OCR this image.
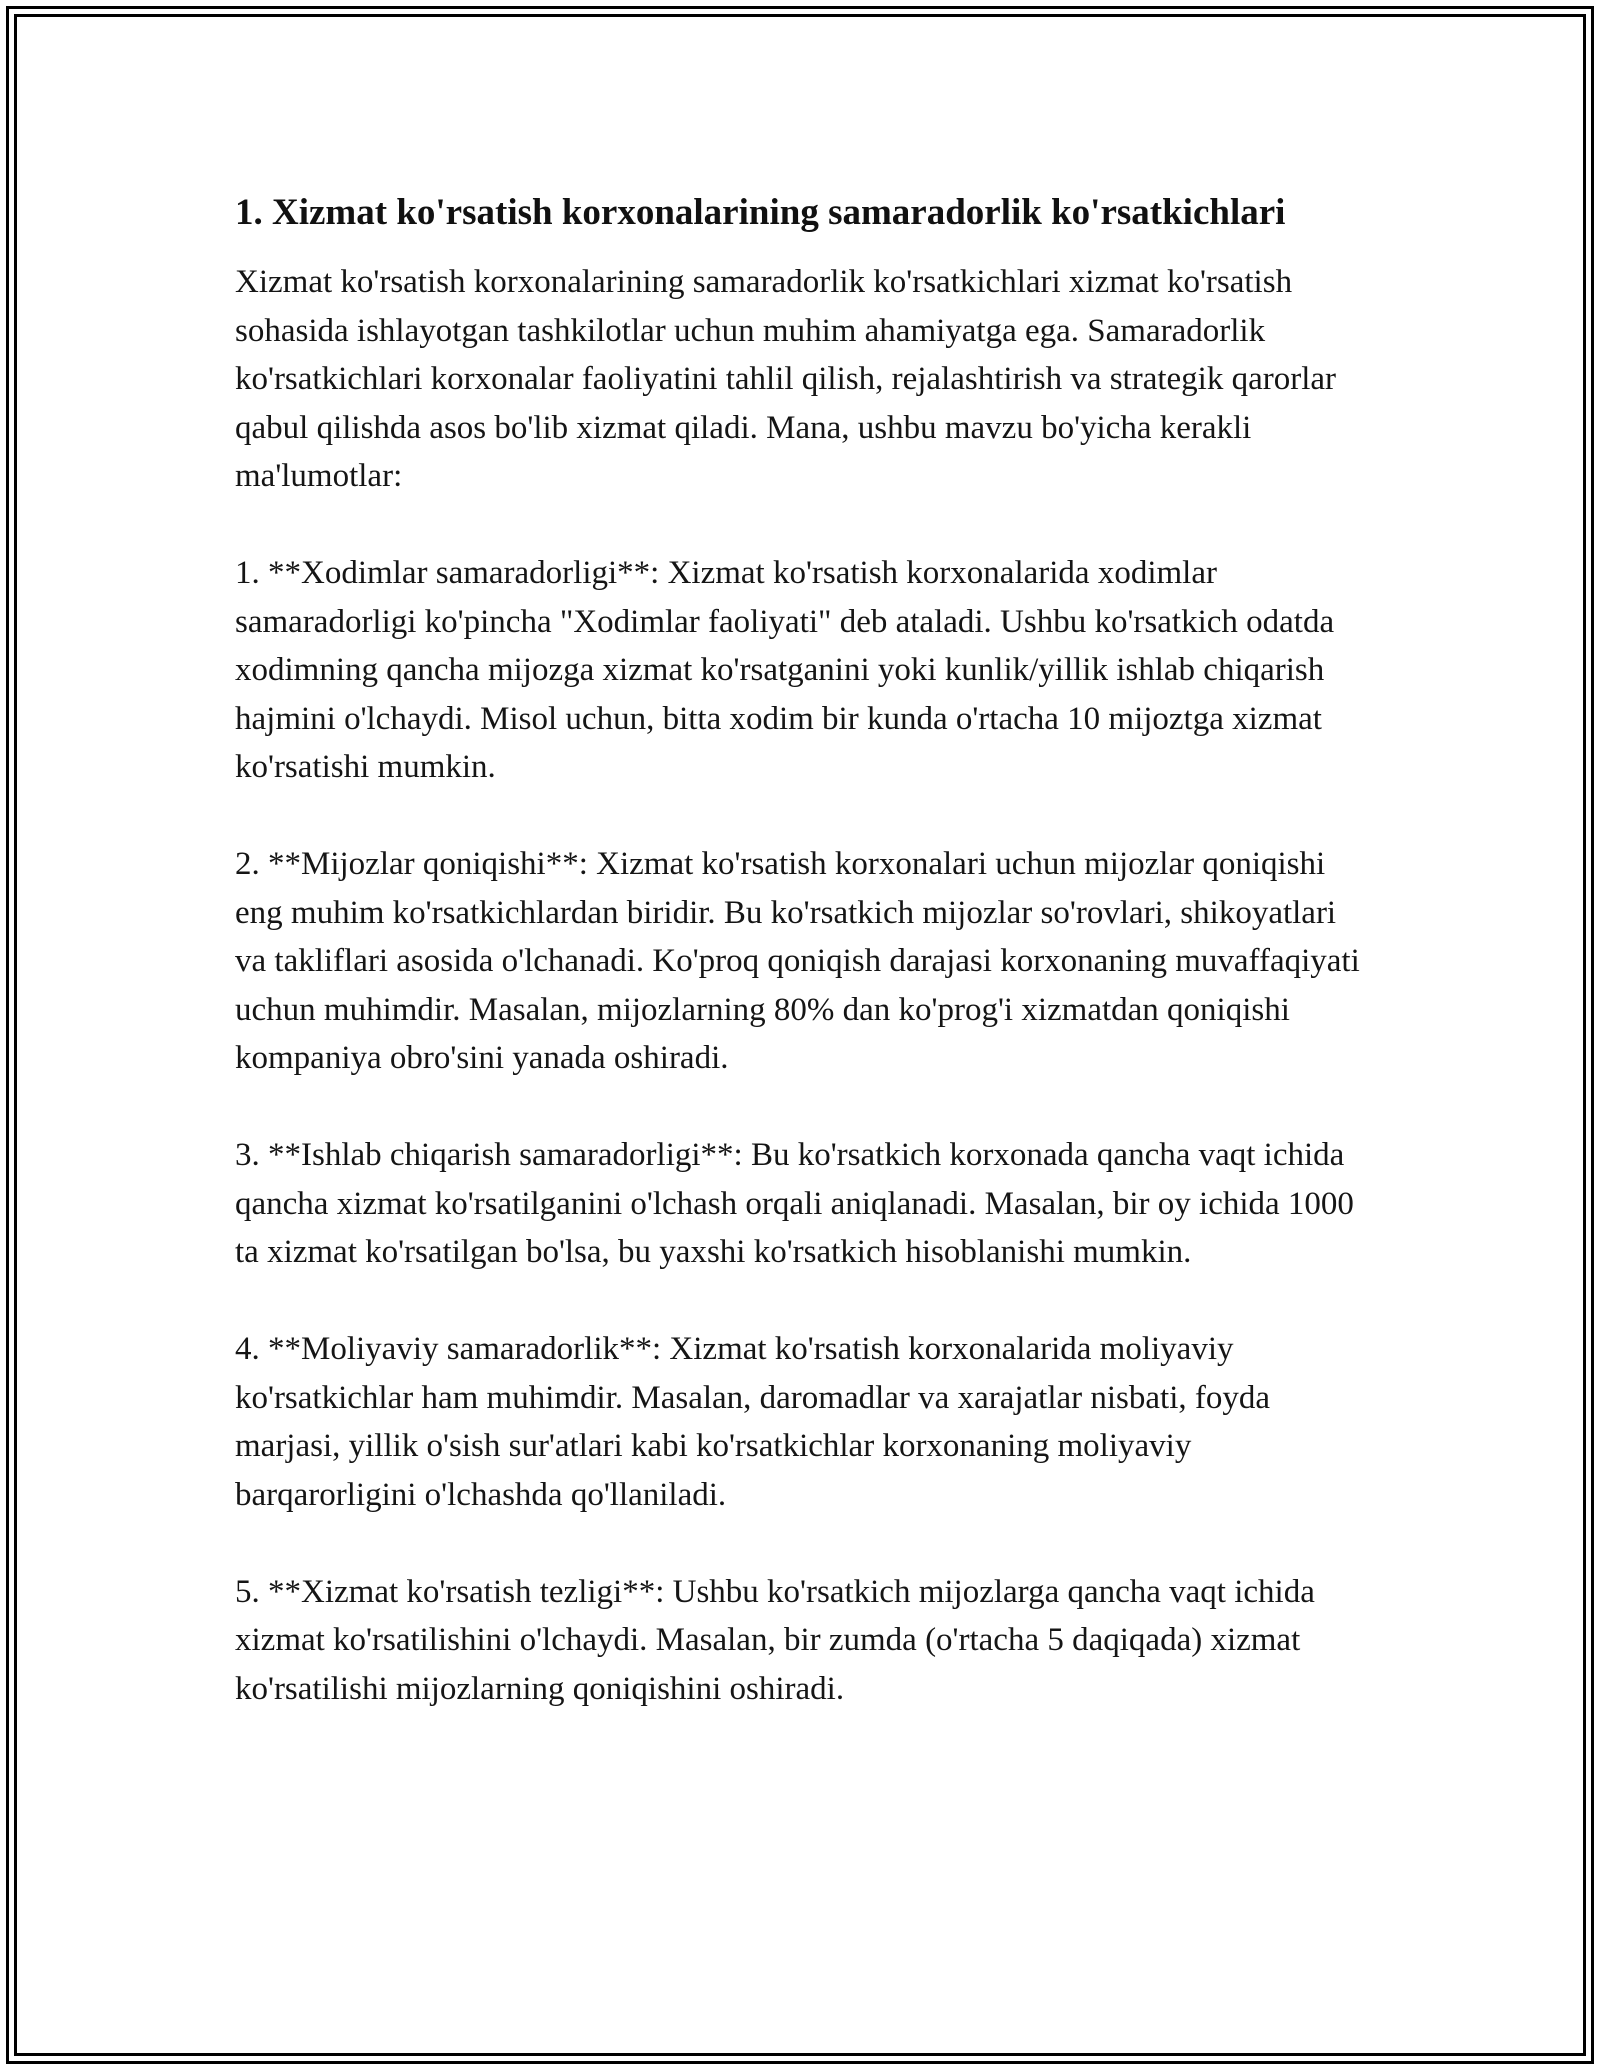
1. Xizmat ko'rsatish korxonalarining samaradorlik ko'rsatkichlari

Xizmat ko'rsatish korxonalarining samaradorlik ko'rsatkichlari xizmat ko'rsatish sohasida ishlayotgan tashkilotlar uchun muhim ahamiyatga ega. Samaradorlik ko'rsatkichlari korxonalar faoliyatini tahlil qilish, rejalashtirish va strategik qarorlar qabul qilishda asos bo'lib xizmat qiladi. Mana, ushbu mavzu bo'yicha kerakli ma'lumotlar:

1. **Xodimlar samaradorligi**: Xizmat ko'rsatish korxonalarida xodimlar samaradorligi ko'pincha "Xodimlar faoliyati" deb ataladi. Ushbu ko'rsatkich odatda xodimning qancha mijozga xizmat ko'rsatganini yoki kunlik/yillik ishlab chiqarish hajmini o'lchaydi. Misol uchun, bitta xodim bir kunda o'rtacha 10 mijoztga xizmat ko'rsatishi mumkin.

2. **Mijozlar qoniqishi**: Xizmat ko'rsatish korxonalari uchun mijozlar qoniqishi eng muhim ko'rsatkichlardan biridir. Bu ko'rsatkich mijozlar so'rovlari, shikoyatlari va takliflari asosida o'lchanadi. Ko'proq qoniqish darajasi korxonaning muvaffaqiyati uchun muhimdir. Masalan, mijozlarning 80% dan ko'prog'i xizmatdan qoniqishi kompaniya obro'sini yanada oshiradi.

3. **Ishlab chiqarish samaradorligi**: Bu ko'rsatkich korxonada qancha vaqt ichida qancha xizmat ko'rsatilganini o'lchash orqali aniqlanadi. Masalan, bir oy ichida 1000 ta xizmat ko'rsatilgan bo'lsa, bu yaxshi ko'rsatkich hisoblanishi mumkin.

4. **Moliyaviy samaradorlik**: Xizmat ko'rsatish korxonalarida moliyaviy ko'rsatkichlar ham muhimdir. Masalan, daromadlar va xarajatlar nisbati, foyda marjasi, yillik o'sish sur'atlari kabi ko'rsatkichlar korxonaning moliyaviy barqarorligini o'lchashda qo'llaniladi.

5. **Xizmat ko'rsatish tezligi**: Ushbu ko'rsatkich mijozlarga qancha vaqt ichida xizmat ko'rsatilishini o'lchaydi. Masalan, bir zumda (o'rtacha 5 daqiqada) xizmat ko'rsatilishi mijozlarning qoniqishini oshiradi.
